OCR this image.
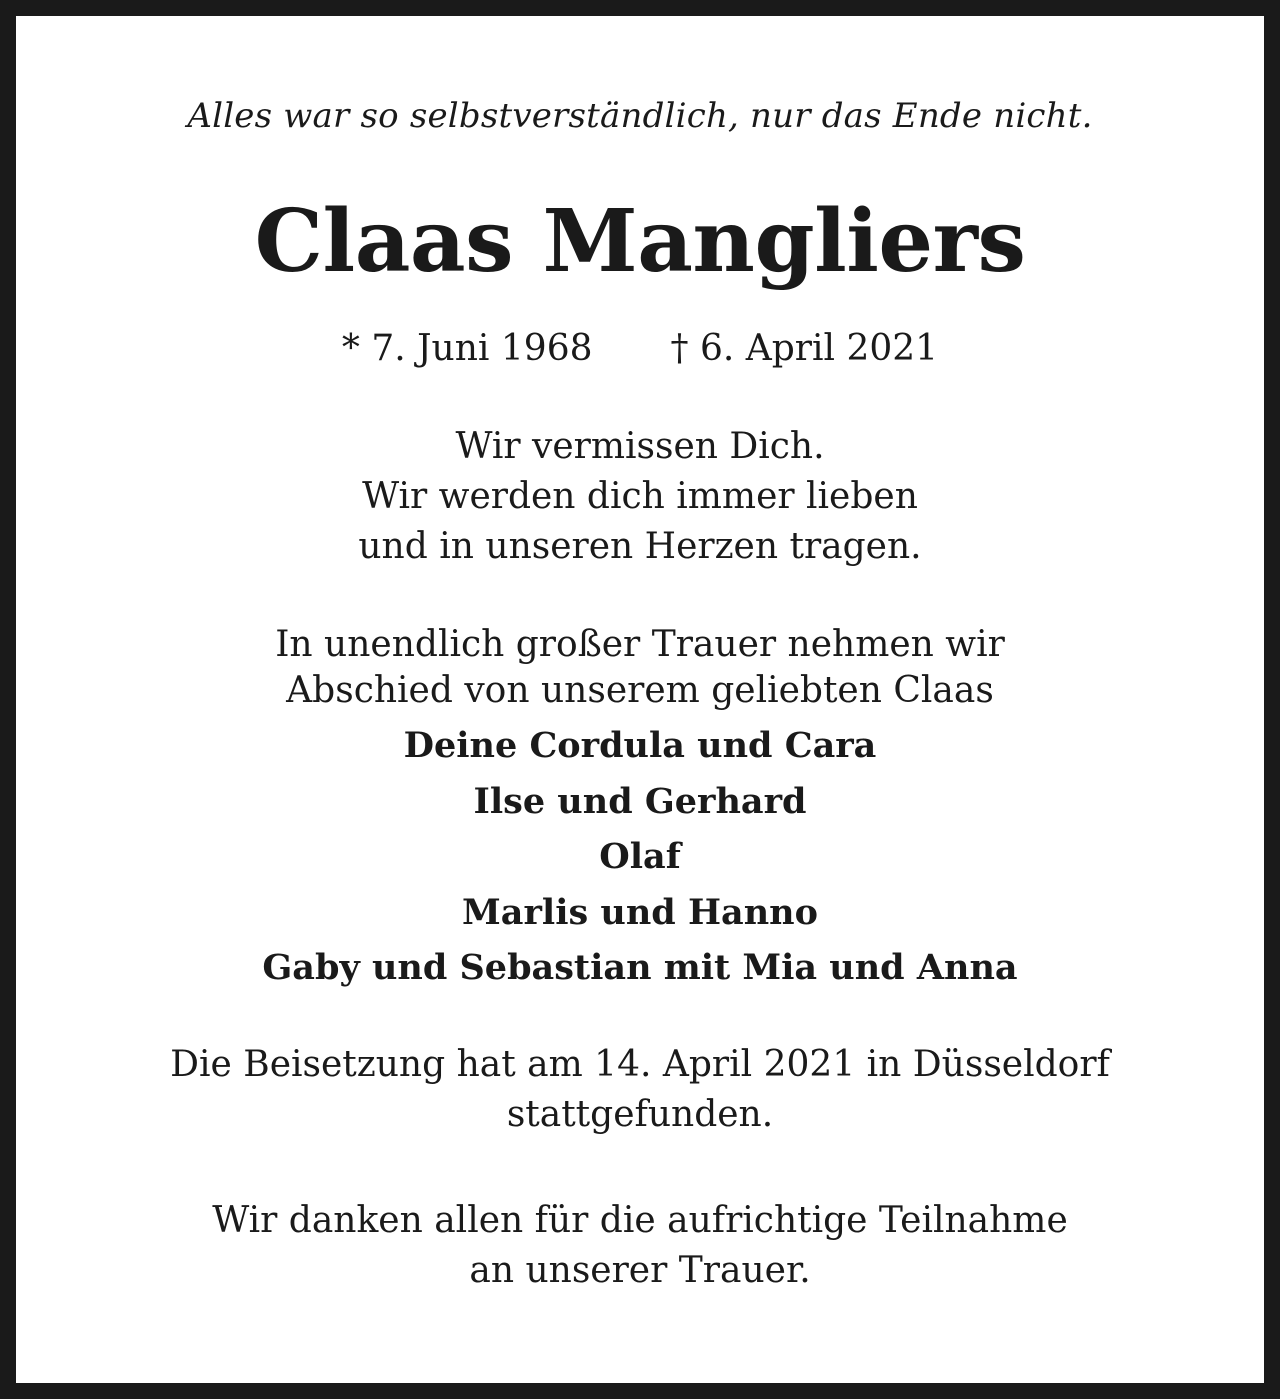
Alles war so selbstverständlich, nur das Ende nicht.
Claas Mangliers
* 7. Juni 1968 † 6. April 2021
Wir vermissen Dich.
Wir werden dich immer lieben
und in unseren Herzen tragen.
In unendlich großer Trauer nehmen wir
Abschied von unserem geliebten Claas
Deine Cordula und Cara
Ilse und Gerhard
Olaf
Marlis und Hanno
Gaby und Sebastian mit Mia und Anna
Die Beisetzung hat am 14. April 2021 in Düsseldorf
stattgefunden.
Wir danken allen für die aufrichtige Teilnahme
an unserer Trauer.
